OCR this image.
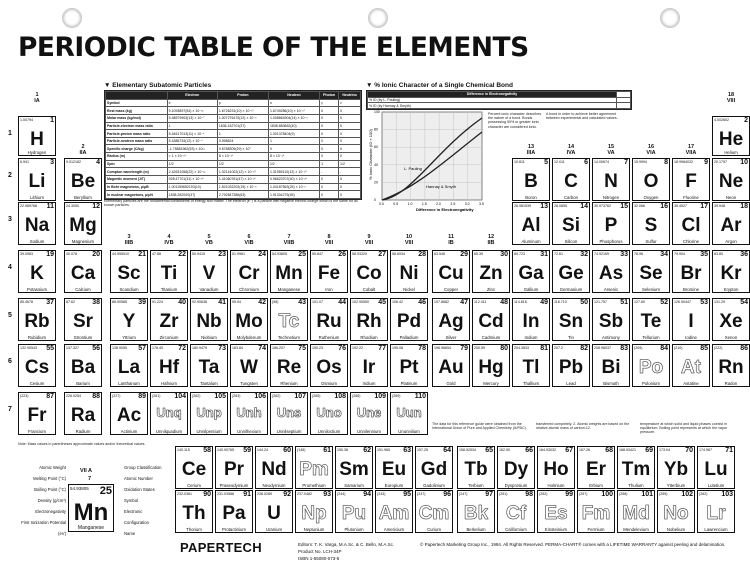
PERIODIC TABLE OF THE ELEMENTS
▼ Elementary Subatomic Particles
	Electron	Proton	Neutron	Photon	Neutrino
Symbol	e	p	n	γ	ν
Rest mass (kg)	9.1093897(54) × 10⁻³¹	1.6726231(10) × 10⁻²⁷	1.6749286(10) × 10⁻²⁷	0	0
Molar mass (kg/mol)	5.48579903(13) × 10⁻⁷	1.007276470(12) × 10⁻³	1.008664904(14) × 10⁻³	0	0
Particle-electron mass ratio	1	1836.152701(37)	1838.683662(40)	0	0
Particle-proton mass ratio	5.44617013(11) × 10⁻⁴	1	1.001378404(9)	0	0
Particle-neutron mass ratio	5.4386734(12) × 10⁻⁴	0.998624	1	0	0
Specific charge (C/kg)	-1.75881962(53) × 10¹¹	9.5788309(29) × 10⁷	0	0	0
Radius (m)	< 1 × 10⁻¹⁸	8 × 10⁻¹⁶	8 × 10⁻¹⁶	0	0
Spin	1/2	1/2	1/2	1	1/2
Compton wavelength (m)	2.42631058(22) × 10⁻¹²	1.32141002(12) × 10⁻¹⁵	1.31959110(12) × 10⁻¹⁵	-	-
Magnetic moment (J/T)	928.47701(31) × 10⁻²⁶	1.41060761(47) × 10⁻²⁶	0.96623707(40) × 10⁻²⁶	0	0
In Bohr magnetons, μ/μB	1.001159652193(10)	1.521032202(15) × 10⁻³	1.04187563(25) × 10⁻³	0	0
In nuclear magnetons, μ/μN	1838.282000(37)	2.792847386(63)	1.91304275(45)	0	0
Elementary particles are the fundamental constituents of energy and matter. The electron (e⁻) is a particle with negative electric charge which is the same for all known particles.
▼ % Ionic Character of a Single Chemical Bond
Difference in Electronegativity	
% ID (by L. Pauling)	
% ID (by Hannay & Smyth)	
0.0	0.5	1.0	1.5	2.0	2.5	3.0	3.5
0
20
40
60
80
100
L. Pauling
Hannay & Smyth
Difference in Electronegativity
% Ionic Character (ID × 100)
Percent ionic character describes the nature of a bond. Bonds possessing 50% or greater ionic character are considered ionic.
A bond in order to achieve better agreement between experimental and calculated values.
1
IA
2
IIA
3
IIIB
4
IVB
5
VB
6
VIB
7
VIIB
8
VIII
9
VIII
10
VIII
11
IB
12
IIB
13
IIIA
14
IVA
15
VA
16
VIA
17
VIIA
18
VIII
1
2
3
4
5
6
7
1.00794 1
H
Hydrogen
4.002602 2
He
Helium
6.941	3
Li
Lithium
9.012182 4
Be
Beryllium
10.811	5
B
Boron
12.011	6
C
Carbon
14.00674 7
N
Nitrogen
15.9994 8
O
Oxygen
18.9984032 9
F
Fluorine
20.1797 10
Ne
Neon
22.989768 11
Na
Sodium
24.3050 12
Mg
Magnesium
26.981539 13
Al
Aluminum
28.0855 14
Si
Silicon
30.973762 15
P
Phosphorus
32.066 16
S
Sulfur
35.4527 17
Cl
Chlorine
39.948 18
Ar
Argon
39.0983 19
K
Potassium
40.078 20
Ca
Calcium
44.955910 21
Sc
Scandium
47.88 22
Ti
Titanium
50.9415 23
V
Vanadium
51.9961 24
Cr
Chromium
54.93805 25
Mn
Manganese
55.847 26
Fe
Iron
58.93320 27
Co
Cobalt
58.6934 28
Ni
Nickel
63.546 29
Cu
Copper
65.39 30
Zn
Zinc
69.723 31
Ga
Gallium
72.61 32
Ge
Germanium
74.92159 33
As
Arsenic
78.96 34
Se
Selenium
79.904 35
Br
Bromine
83.80 36
Kr
Krypton
85.4678 37
Rb
Rubidium
87.62 38
Sr
Strontium
88.90585 39
Y
Yttrium
91.224 40
Zr
Zirconium
92.90638 41
Nb
Niobium
95.94 42
Mo
Molybdenum
(98)	43
Tc
Technetium
101.07 44
Ru
Ruthenium
102.90550 45
Rh
Rhodium
106.42 46
Pd
Palladium
107.8682 47
Ag
Silver
112.411 48
Cd
Cadmium
114.818 49
In
Indium
118.710 50
Sn
Tin
121.757 51
Sb
Antimony
127.60 52
Te
Tellurium
126.90447 53
I
Iodine
131.29 54
Xe
Xenon
132.90543 55
Cs
Cesium
137.327 56
Ba
Barium
138.9055 57
La
Lanthanum
178.49 72
Hf
Hafnium
180.9479 73
Ta
Tantalum
183.84 74
W
Tungsten
186.207 75
Re
Rhenium
190.23 76
Os
Osmium
192.22 77
Ir
Iridium
195.08 78
Pt
Platinum
196.96654 79
Au
Gold
200.59 80
Hg
Mercury
204.3833 81
Tl
Thallium
207.2 82
Pb
Lead
208.98037 83
Bi
Bismuth
(209)	84
Po
Polonium
(210)	85
At
Astatine
(222)	86
Rn
Radon
(223)	87
Fr
Francium
226.0254 88
Ra
Radium
(227)	89
Ac
Actinium
(261) 104
Unq
Unnilquadium
(262) 105
Unp
Unnilpentium
(263) 106
Unh
Unnilhexium
(262) 107
Uns
Unnilseptium
(265) 108
Uno
Unniloctium
(266) 109
Une
Unnilennium
(269) 110
Uun
Ununnilium
140.115 58
Ce
Cerium
140.90765 59
Pr
Praseodymium
144.24 60
Nd
Neodymium
(145)	61
Pm
Promethium
150.36 62
Sm
Samarium
151.965 63
Eu
Europium
157.25 64
Gd
Gadolinium
158.92534 65
Tb
Terbium
162.50 66
Dy
Dysprosium
164.93032 67
Ho
Holmium
167.26 68
Er
Erbium
168.93421 69
Tm
Thulium
173.04 70
Yb
Ytterbium
174.967 71
Lu
Lutetium
232.0381 90
Th
Thorium
231.03588 91
Pa
Protactinium
238.0289 92
U
Uranium
237.0482 93
Np
Neptunium
(244)	94
Pu
Plutonium
(243)	95
Am
Americium
(247)	96
Cm
Curium
(247)	97
Bk
Berkelium
(251)	98
Cf
Californium
(252)	99
Es
Einsteinium
(257) 100
Fm
Fermium
(258) 101
Md
Mendelevium
(259) 102
No
Nobelium
(262) 103
Lr
Lawrencium
Note: Mass values in parentheses approximate values and/or theoretical values.
The data for this reference guide were obtained from the International Union of Pure and Applied Chemistry (IUPAC).
transferred completely. 2. Atomic weights are based on the relative atomic mass of carbon-12.
temperature at which solid and liquid phases coexist in equilibrium. Boiling point represents at which the vapor pressure.
Atomic Weight
Melting Point (°C)
Boiling Point (°C)
Density (g/cm³)
Electronegativity
First Ionization Potential (eV)
VII A
7
54.93805 25
Mn
Manganese
Group Classification
Atomic Number
Oxidation States
Symbol
Electronic Configuration
Name
PAPERTECH	Editors: T. K. Varga, M.A.Sc. & C. Bello, M.A.Sc.
Product No. LCH-34P
ISBN 1-55080-073-6
© Papertech Marketing Group Inc., 1994. All Rights Reserved. PERMA-CHART® comes with a LIFETIME WARRANTY against peeling and delamination.
